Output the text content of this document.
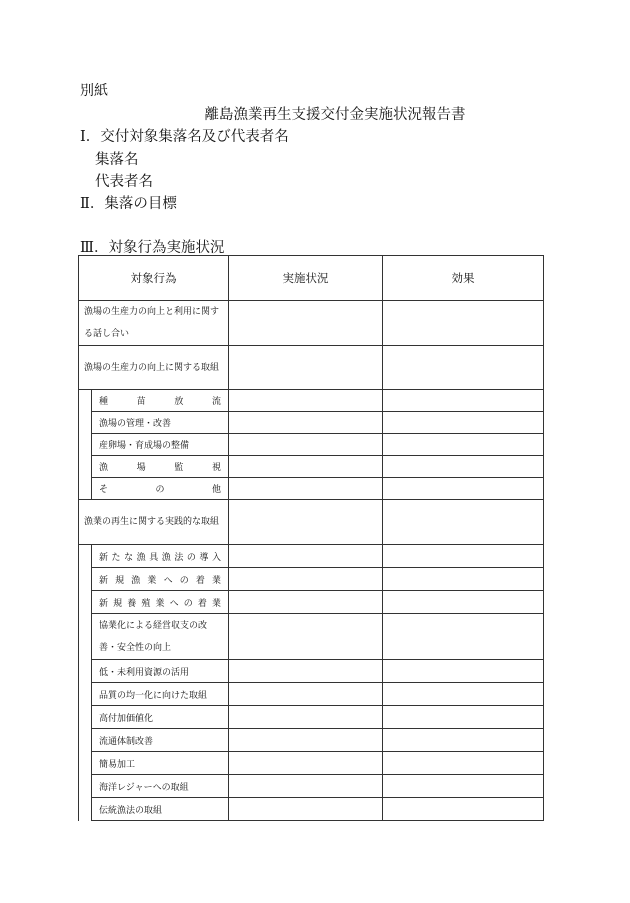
別紙
離島漁業再生支援交付金実施状況報告書
Ⅰ．交付対象集落名及び代表者名
集落名
代表者名
Ⅱ．集落の目標
Ⅲ．対象行為実施状況
対象行為		実施状況	効果
漁場の生産力の向上と利用に関する話し合い			
漁場の生産力の向上に関する取組			
	種苗放流		
	漁場の管理・改善		
	産卵場・育成場の整備		
	漁場監視		
	その他		
漁業の再生に関する実践的な取組			
	新たな漁具漁法の導入		
	新規漁業への着業		
	新規養殖業への着業		
	協業化による経営収支の改善・安全性の向上		
	低・未利用資源の活用		
	品質の均一化に向けた取組		
	高付加価値化		
	流通体制改善		
	簡易加工		
	海洋レジャーへの取組		
	伝統漁法の取組		
